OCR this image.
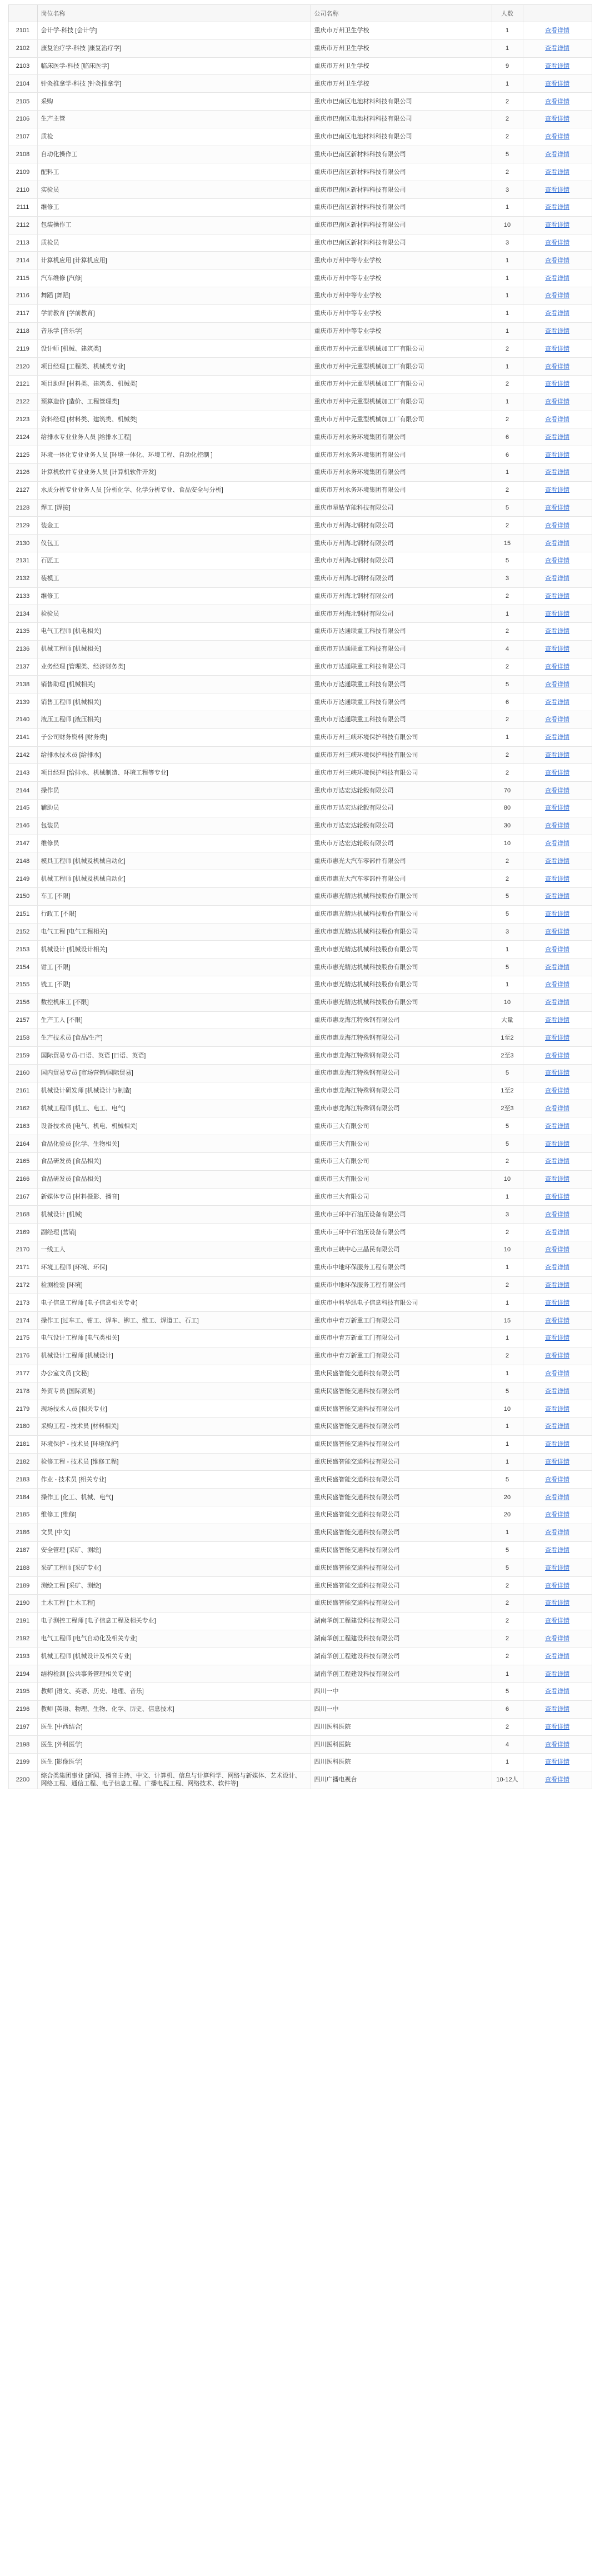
	岗位名称	公司名称	人数	
2101	会计学-科技 [会计学]	重庆市万州卫生学校	1	查看详情
2102	康复治疗学-科技 [康复治疗学]	重庆市万州卫生学校	1	查看详情
2103	临床医学-科技 [临床医学]	重庆市万州卫生学校	9	查看详情
2104	针灸推拿学-科技 [针灸推拿学]	重庆市万州卫生学校	1	查看详情
2105	采购	重庆市巴南区电池材料科技有限公司	2	查看详情
2106	生产主管	重庆市巴南区电池材料科技有限公司	2	查看详情
2107	质检	重庆市巴南区电池材料科技有限公司	2	查看详情
2108	自动化操作工	重庆市巴南区新材料科技有限公司	5	查看详情
2109	配料工	重庆市巴南区新材料科技有限公司	2	查看详情
2110	实验员	重庆市巴南区新材料科技有限公司	3	查看详情
2111	维修工	重庆市巴南区新材料科技有限公司	1	查看详情
2112	包装操作工	重庆市巴南区新材料科技有限公司	10	查看详情
2113	质检员	重庆市巴南区新材料科技有限公司	3	查看详情
2114	计算机应用 [计算机应用]	重庆市万州中等专业学校	1	查看详情
2115	汽车维修 [汽修]	重庆市万州中等专业学校	1	查看详情
2116	舞蹈 [舞蹈]	重庆市万州中等专业学校	1	查看详情
2117	学前教育 [学前教育]	重庆市万州中等专业学校	1	查看详情
2118	音乐学 [音乐学]	重庆市万州中等专业学校	1	查看详情
2119	设计师 [机械、建筑类]	重庆市万州中元重型机械加工厂有限公司	2	查看详情
2120	项目经理 [工程类、机械类专业]	重庆市万州中元重型机械加工厂有限公司	1	查看详情
2121	项目助理 [材料类、建筑类、机械类]	重庆市万州中元重型机械加工厂有限公司	2	查看详情
2122	预算造价 [造价、工程管理类]	重庆市万州中元重型机械加工厂有限公司	1	查看详情
2123	资料经理 [材料类、建筑类、机械类]	重庆市万州中元重型机械加工厂有限公司	2	查看详情
2124	给排水专业业务人员 [给排水工程]	重庆市万州水务环境集团有限公司	6	查看详情
2125	环境一体化专业业务人员 [环境一体化、环境工程、自动化控制 ]	重庆市万州水务环境集团有限公司	6	查看详情
2126	计算机软件专业业务人员 [计算机软件开发]	重庆市万州水务环境集团有限公司	1	查看详情
2127	水质分析专业业务人员 [分析化学、化学分析专业、食品安全与分析]	重庆市万州水务环境集团有限公司	2	查看详情
2128	焊工 [焊接]	重庆市星钻节能科技有限公司	5	查看详情
2129	装金工	重庆市万州海北钢材有限公司	2	查看详情
2130	仪包工	重庆市万州海北钢材有限公司	15	查看详情
2131	石匠工	重庆市万州海北钢材有限公司	5	查看详情
2132	装模工	重庆市万州海北钢材有限公司	3	查看详情
2133	维修工	重庆市万州海北钢材有限公司	2	查看详情
2134	检验员	重庆市万州海北钢材有限公司	1	查看详情
2135	电气工程师 [机电相关]	重庆市万达通联重工科技有限公司	2	查看详情
2136	机械工程师 [机械相关]	重庆市万达通联重工科技有限公司	4	查看详情
2137	业务经理 [管理类、经济财务类]	重庆市万达通联重工科技有限公司	2	查看详情
2138	销售助理 [机械相关]	重庆市万达通联重工科技有限公司	5	查看详情
2139	销售工程师 [机械相关]	重庆市万达通联重工科技有限公司	6	查看详情
2140	液压工程师 [液压相关]	重庆市万达通联重工科技有限公司	2	查看详情
2141	子公司财务资料 [财务类]	重庆市万州三峡环境保护科技有限公司	1	查看详情
2142	给排水技术员 [给排水]	重庆市万州三峡环境保护科技有限公司	2	查看详情
2143	项目经理 [给排水、机械制造、环境工程等专业]	重庆市万州三峡环境保护科技有限公司	2	查看详情
2144	操作员	重庆市万达宏达轮毂有限公司	70	查看详情
2145	辅助员	重庆市万达宏达轮毂有限公司	80	查看详情
2146	包装员	重庆市万达宏达轮毂有限公司	30	查看详情
2147	维修员	重庆市万达宏达轮毂有限公司	10	查看详情
2148	模具工程师 [机械及机械自动化]	重庆市惠光大汽车零部件有限公司	2	查看详情
2149	机械工程师 [机械及机械自动化]	重庆市惠光大汽车零部件有限公司	2	查看详情
2150	车工 [不限]	重庆市惠光精达机械科技股份有限公司	5	查看详情
2151	行政工 [不限]	重庆市惠光精达机械科技股份有限公司	5	查看详情
2152	电气工程 [电气工程相关]	重庆市惠光精达机械科技股份有限公司	3	查看详情
2153	机械设计 [机械设计相关]	重庆市惠光精达机械科技股份有限公司	1	查看详情
2154	钳工 [不限]	重庆市惠光精达机械科技股份有限公司	5	查看详情
2155	铣工 [不限]	重庆市惠光精达机械科技股份有限公司	1	查看详情
2156	数控机床工 [不限]	重庆市惠光精达机械科技股份有限公司	10	查看详情
2157	生产工人 [不限]	重庆市惠龙海江特殊钢有限公司	大量	查看详情
2158	生产技术员 [食品/生产]	重庆市惠龙海江特殊钢有限公司	1至2	查看详情
2159	国际贸易专员-日语、英语 [日语、英语]	重庆市惠龙海江特殊钢有限公司	2至3	查看详情
2160	国内贸易专员 [市场营销/国际贸易]	重庆市惠龙海江特殊钢有限公司	5	查看详情
2161	机械设计研发师 [机械设计与制造]	重庆市惠龙海江特殊钢有限公司	1至2	查看详情
2162	机械工程师 [机工、电工、电气]	重庆市惠龙海江特殊钢有限公司	2至3	查看详情
2163	设备技术员 [电气、机电、机械相关]	重庆市三大有限公司	5	查看详情
2164	食品化验员 [化学、生物相关]	重庆市三大有限公司	5	查看详情
2165	食品研发员 [食品相关]	重庆市三大有限公司	2	查看详情
2166	食品研发员 [食品相关]	重庆市三大有限公司	10	查看详情
2167	新媒体专员 [材料摄影、播音]	重庆市三大有限公司	1	查看详情
2168	机械设计 [机械]	重庆市三环中石油压设备有限公司	3	查看详情
2169	副经理 [营销]	重庆市三环中石油压设备有限公司	2	查看详情
2170	一线工人	重庆市三峡中心三晶民有限公司	10	查看详情
2171	环境工程师 [环境、环保]	重庆市中地环保服务工程有限公司	1	查看详情
2172	检测检验 [环境]	重庆市中地环保服务工程有限公司	2	查看详情
2173	电子信息工程师 [电子信息相关专业]	重庆市中科华迅电子信息科技有限公司	1	查看详情
2174	操作工 [过车工、钳工、焊车、铆工、维工、焊道工、石工]	重庆市中育万新重工门有限公司	15	查看详情
2175	电气设计工程师 [电气类相关]	重庆市中育万新重工门有限公司	1	查看详情
2176	机械设计工程师 [机械设计]	重庆市中育万新重工门有限公司	2	查看详情
2177	办公室文员 [文秘]	重庆民盛智能交通科技有限公司	1	查看详情
2178	外贸专员 [国际贸易]	重庆民盛智能交通科技有限公司	5	查看详情
2179	现场技术人员 [相关专业]	重庆民盛智能交通科技有限公司	10	查看详情
2180	采购工程 - 技术员 [材料相关]	重庆民盛智能交通科技有限公司	1	查看详情
2181	环境保护 - 技术员 [环境保护]	重庆民盛智能交通科技有限公司	1	查看详情
2182	检修工程 - 技术员 [维修工程]	重庆民盛智能交通科技有限公司	1	查看详情
2183	作业 - 技术员 [相关专业]	重庆民盛智能交通科技有限公司	5	查看详情
2184	操作工 [化工、机械、电气]	重庆民盛智能交通科技有限公司	20	查看详情
2185	维修工 [维修]	重庆民盛智能交通科技有限公司	20	查看详情
2186	文员 [中文]	重庆民盛智能交通科技有限公司	1	查看详情
2187	安全管理 [采矿、测绘]	重庆民盛智能交通科技有限公司	5	查看详情
2188	采矿工程师 [采矿专业]	重庆民盛智能交通科技有限公司	5	查看详情
2189	测绘工程 [采矿、测绘]	重庆民盛智能交通科技有限公司	2	查看详情
2190	土木工程 [土木工程]	重庆民盛智能交通科技有限公司	2	查看详情
2191	电子测控工程师 [电子信息工程及相关专业]	湖南华创工程建设科技有限公司	2	查看详情
2192	电气工程师 [电气自动化及相关专业]	湖南华创工程建设科技有限公司	2	查看详情
2193	机械工程师 [机械设计及相关专业]	湖南华创工程建设科技有限公司	2	查看详情
2194	结构检测 [公共事务管理相关专业]	湖南华创工程建设科技有限公司	1	查看详情
2195	教师 [语文、英语、历史、地理、音乐]	四川一中	5	查看详情
2196	教师 [英语、物理、生物、化学、历史、信息技术]	四川一中	6	查看详情
2197	医生 [中西结合]	四川医科医院	2	查看详情
2198	医生 [外科医学]	四川医科医院	4	查看详情
2199	医生 [影像医学]	四川医科医院	1	查看详情
2200	综合类集团事业 [新闻、播音主持、中文、计算机、信息与计算科学、网络与新媒体、艺术设计、网络工程、通信工程、电子信息工程、广播电视工程、网络技术、软件等]	四川广播电视台	10-12人	查看详情
